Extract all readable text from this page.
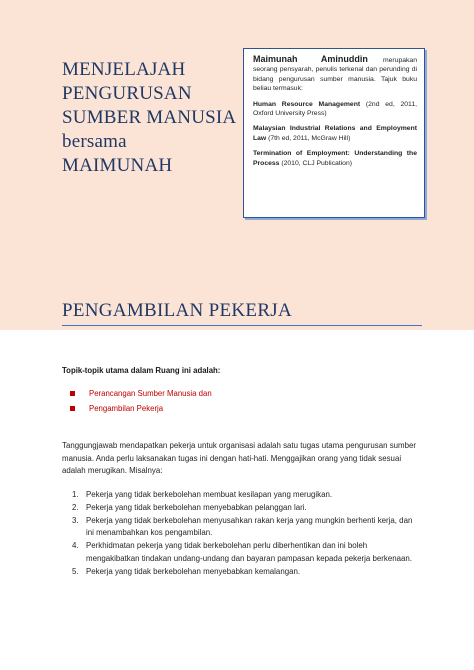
MENJELAJAH
PENGURUSAN
SUMBER MANUSIA
bersama
MAIMUNAH

Maimunah Aminuddin merupakan seorang pensyarah, penulis terkenal dan perunding di bidang pengurusan sumber manusia. Tajuk buku beliau termasuk:

Human Resource Management (2nd ed, 2011, Oxford University Press)

Malaysian Industrial Relations and Employment Law (7th ed, 2011, McGraw Hill)

Termination of Employment: Understanding the Process (2010, CLJ Publication)

PENGAMBILAN PEKERJA
Topik-topik utama dalam Ruang ini adalah:
Perancangan Sumber Manusia dan
Pengambilan Pekerja

Tanggungjawab mendapatkan pekerja untuk organisasi adalah satu tugas utama pengurusan sumber manusia. Anda perlu laksanakan tugas ini dengan hati-hati. Menggajikan orang yang tidak sesuai adalah merugikan. Misalnya:

1. Pekerja yang tidak berkebolehan membuat kesilapan yang merugikan.
2. Pekerja yang tidak berkebolehan menyebabkan pelanggan lari.
3. Pekerja yang tidak berkebolehan menyusahkan rakan kerja yang mungkin berhenti kerja, dan ini menambahkan kos pengambilan.
4. Perkhidmatan pekerja yang tidak berkebolehan perlu diberhentikan dan ini boleh mengakibatkan tindakan undang-undang dan bayaran pampasan kepada pekerja berkenaan.
5. Pekerja yang tidak berkebolehan menyebabkan kemalangan.
